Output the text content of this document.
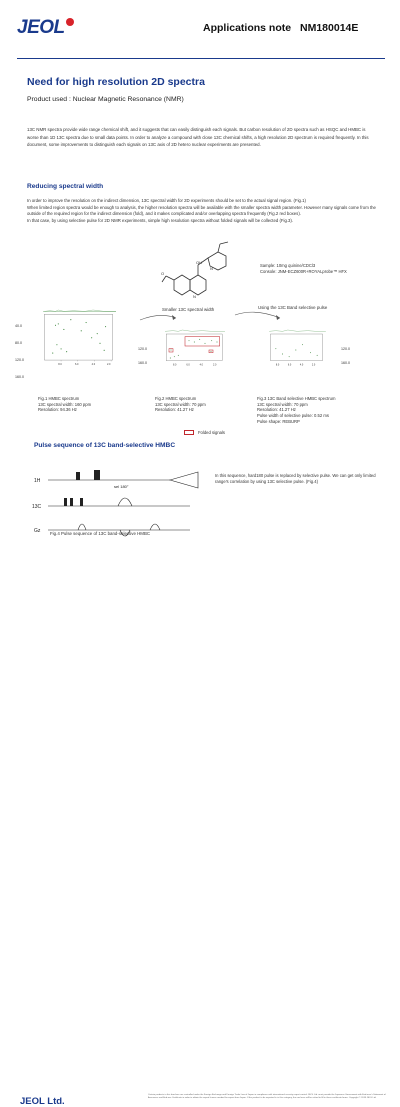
JEOL	Applications note NM180014E
Need for high resolution 2D spectra
Product used : Nuclear Magnetic Resonance (NMR)
13C NMR spectra provide wide range chemical shift, and it suggests that can easily distinguish each signals. But carbon resolution of 2D spectra such as HSQC and HMBC is worse than 1D 13C spectra due to small data points. In order to analyze a compound with close 13C chemical shifts, a high resolution 2D spectrum is required frequently. In this document, some improvements to distinguish each signals on 13C axis of 2D hetero nuclear experiments are presented.
Reducing spectral width

In order to improve the resolution on the indirect dimension, 13C spectral width for 2D experiments should be set to the actual signal region. (Fig.1)

When limited region spectra would be enough to analysis, the higher resolution spectra will be available with the smaller spectra width parameter. However many signals come from the outside of the required region for the indirect dimension (fold), and it makes complicated and/or overlapping spectra frequently (Fig.2 red boxes).

In that case, by using selective pulse for 2D NMR experiments, simple high resolution spectra without folded signals will be collected (Fig.3).

N
OH
N
O
Sample: 10mg quinine/CDCl3
Console: JNM-ECZ600R+ROYALprobe™ HFX
Smaller 13C spectral width	Using the 13C Band selective pulse
8.0	6.0	4.0	2.0
40.0
80.0
120.0
160.0
8.0	6.0	4.0	2.0
120.0
160.0	8.0 6.0 4.0 2.0
120.0
160.0
Fig.1 HMBC spectrum
13C spectral width: 160 ppm
Resolution: 94.36 Hz
Fig.2 HMBC spectrum
13C spectral width: 70 ppm
Resolution: 41.27 Hz
Fig.3 13C Band selective HMBC spectrum
13C spectral width: 70 ppm
Resolution: 41.27 Hz
Pulse width of selective pulse: 0.52 ms
Pulse shape: REBURP
Folded signals
Pulse sequence of 13C band-selective HMBC
1H
13C
Gz
sel 180°
In this sequence, hard180 pulse is replaced by selective pulse. We can get only limited range's correlation by using 13C selective pulse. (Fig.4)
Fig.4 Pulse sequence of 13C band-selective HMBC
JEOL Ltd.
Certain products in this brochure are controlled under the Foreign Exchange and Foreign Trade Law of Japan in compliance with international security export control. JEOL Ltd. must provide the Japanese Government with End-user's Statement of Assurance and End-use Certificate in order to obtain the export license needed for export from Japan. If the product to be exported is in this category, the end user will be asked to fill in these certificate forms. Copyright © 2018 JEOL Ltd.
